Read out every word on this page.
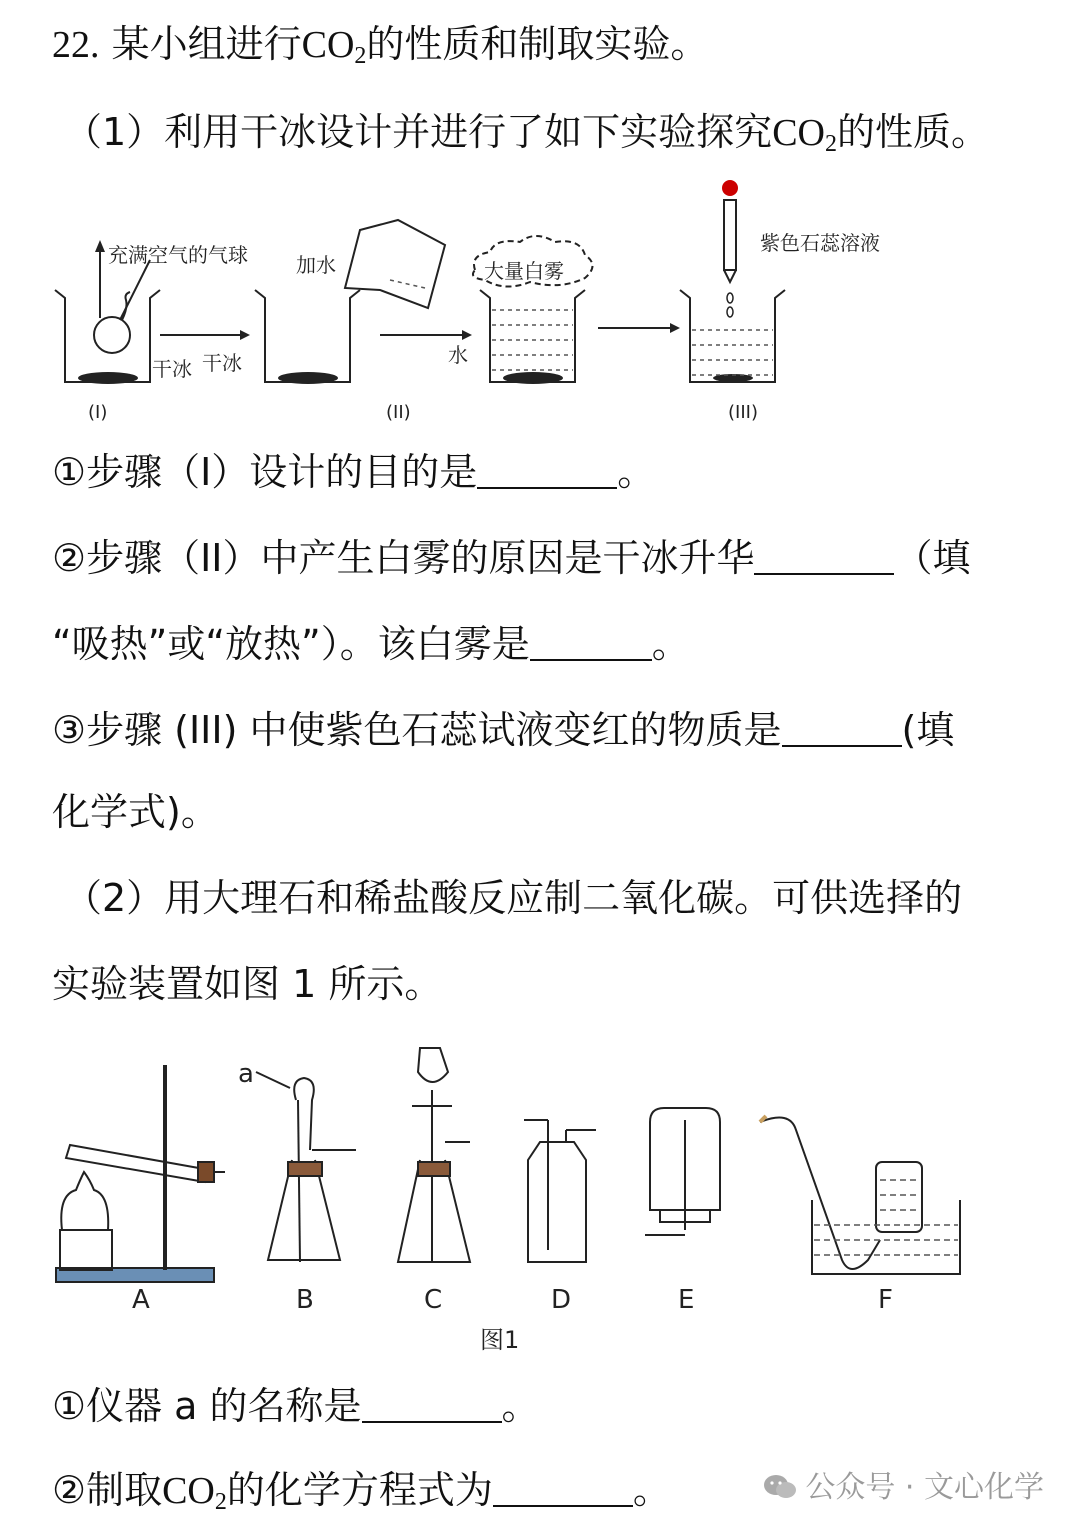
22. 某小组进行$CO_2$的性质和制取实验。
（1）利用干冰设计并进行了如下实验探究$CO_2$的性质。
充满空气的气球
干冰 干冰
加水	大量白雾
水
紫色石蕊溶液
(I)	(II)	(III)
①步骤（I）设计的目的是	。
②步骤（II）中产生白雾的原因是干冰升华	（填
“吸热”或“放热”）。该白雾是	。
③步骤 (III) 中使紫色石蕊试液变红的物质是	(填
化学式)。
（2）用大理石和稀盐酸反应制二氧化碳。可供选择的
实验装置如图 1 所示。
a
A	B	C	D	E	F
图1
①仪器 a 的名称是	。
②制取$CO_2$的化学方程式为	。	公众号 · 文心化学
